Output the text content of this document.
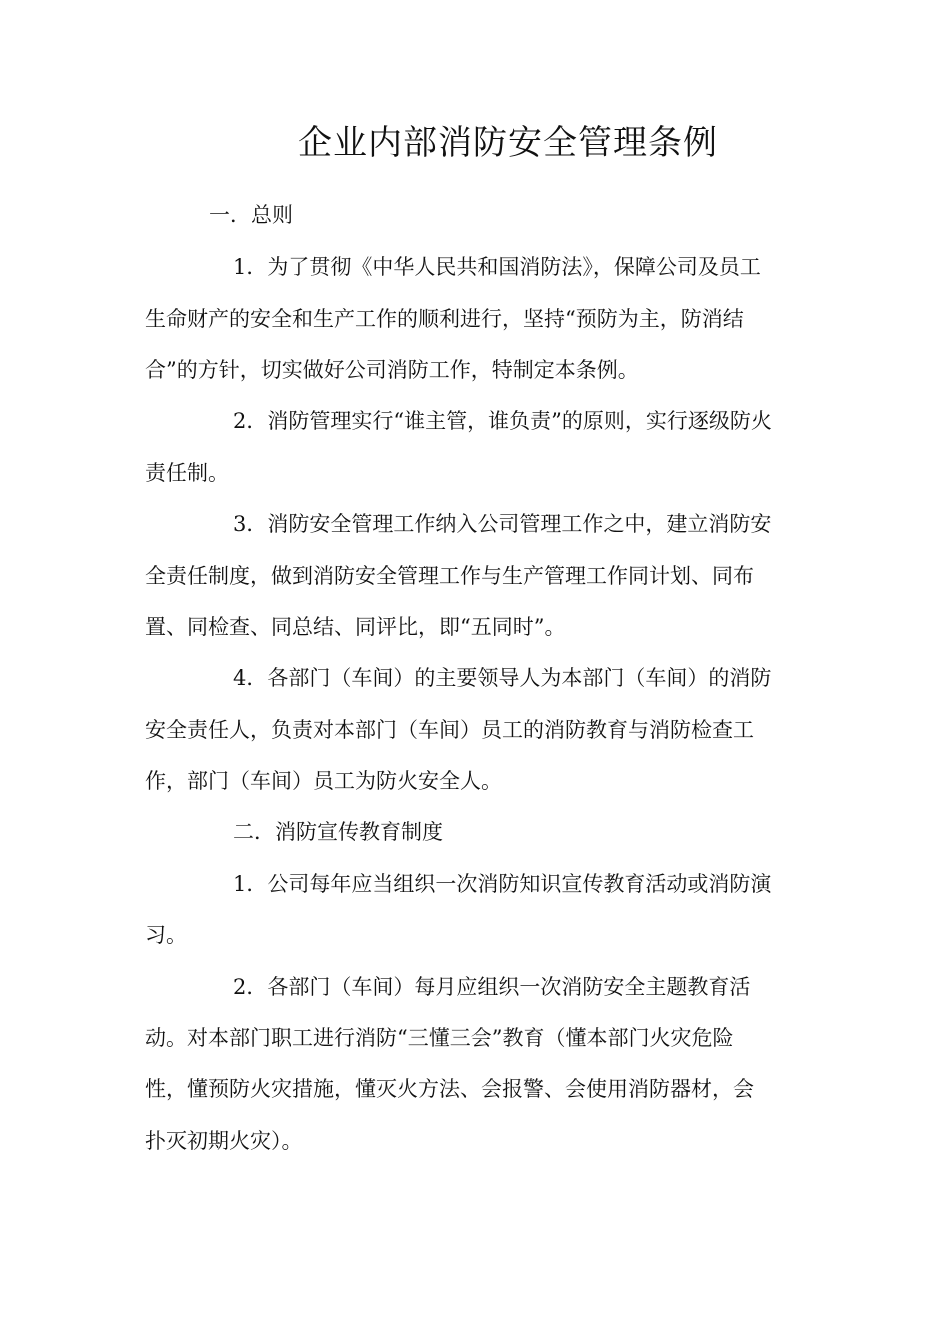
企业内部消防安全管理条例
一．总则
1．为了贯彻《中华人民共和国消防法》，保障公司及员工
生命财产的安全和生产工作的顺利进行，坚持“预防为主，防消结
合”的方针，切实做好公司消防工作，特制定本条例。
2．消防管理实行“谁主管，谁负责”的原则，实行逐级防火
责任制。
3．消防安全管理工作纳入公司管理工作之中，建立消防安
全责任制度，做到消防安全管理工作与生产管理工作同计划、同布
置、同检查、同总结、同评比，即“五同时”。
4．各部门（车间）的主要领导人为本部门（车间）的消防
安全责任人，负责对本部门（车间）员工的消防教育与消防检查工
作，部门（车间）员工为防火安全人。
二．消防宣传教育制度
1．公司每年应当组织一次消防知识宣传教育活动或消防演
习。
2．各部门（车间）每月应组织一次消防安全主题教育活
动。对本部门职工进行消防“三懂三会”教育（懂本部门火灾危险
性，懂预防火灾措施，懂灭火方法、会报警、会使用消防器材，会
扑灭初期火灾）。
